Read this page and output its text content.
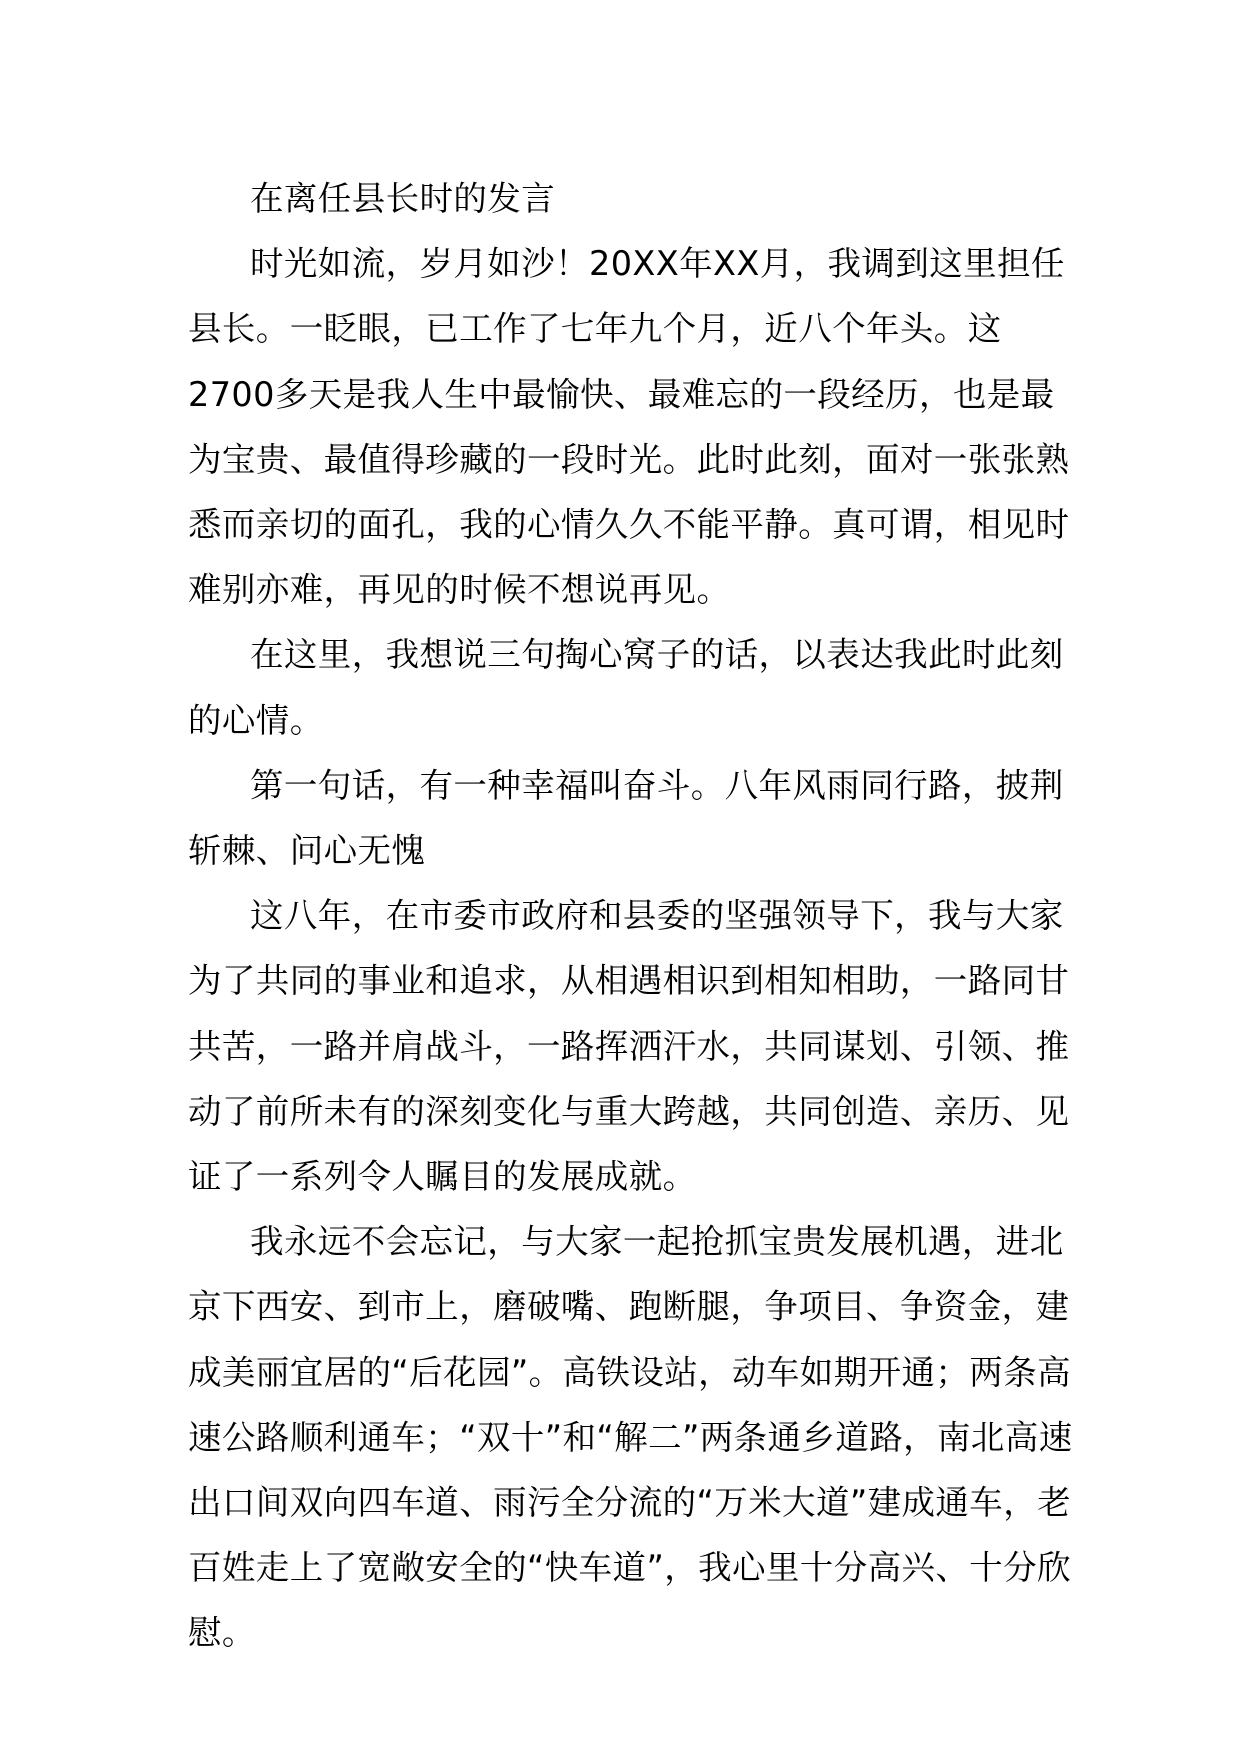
在离任县长时的发言

时光如流，岁月如沙！20XX年XX月，我调到这里担任县长。一眨眼，已工作了七年九个月，近八个年头。这2700多天是我人生中最愉快、最难忘的一段经历，也是最为宝贵、最值得珍藏的一段时光。此时此刻，面对一张张熟悉而亲切的面孔，我的心情久久不能平静。真可谓，相见时难别亦难，再见的时候不想说再见。

在这里，我想说三句掏心窝子的话，以表达我此时此刻的心情。

第一句话，有一种幸福叫奋斗。八年风雨同行路，披荆斩棘、问心无愧

这八年，在市委市政府和县委的坚强领导下，我与大家为了共同的事业和追求，从相遇相识到相知相助，一路同甘共苦，一路并肩战斗，一路挥洒汗水，共同谋划、引领、推动了前所未有的深刻变化与重大跨越，共同创造、亲历、见证了一系列令人瞩目的发展成就。

我永远不会忘记，与大家一起抢抓宝贵发展机遇，进北京下西安、到市上，磨破嘴、跑断腿，争项目、争资金，建成美丽宜居的“后花园”。高铁设站，动车如期开通；两条高速公路顺利通车；“双十”和“解二”两条通乡道路，南北高速出口间双向四车道、雨污全分流的“万米大道”建成通车，老百姓走上了宽敞安全的“快车道”，我心里十分高兴、十分欣慰。
